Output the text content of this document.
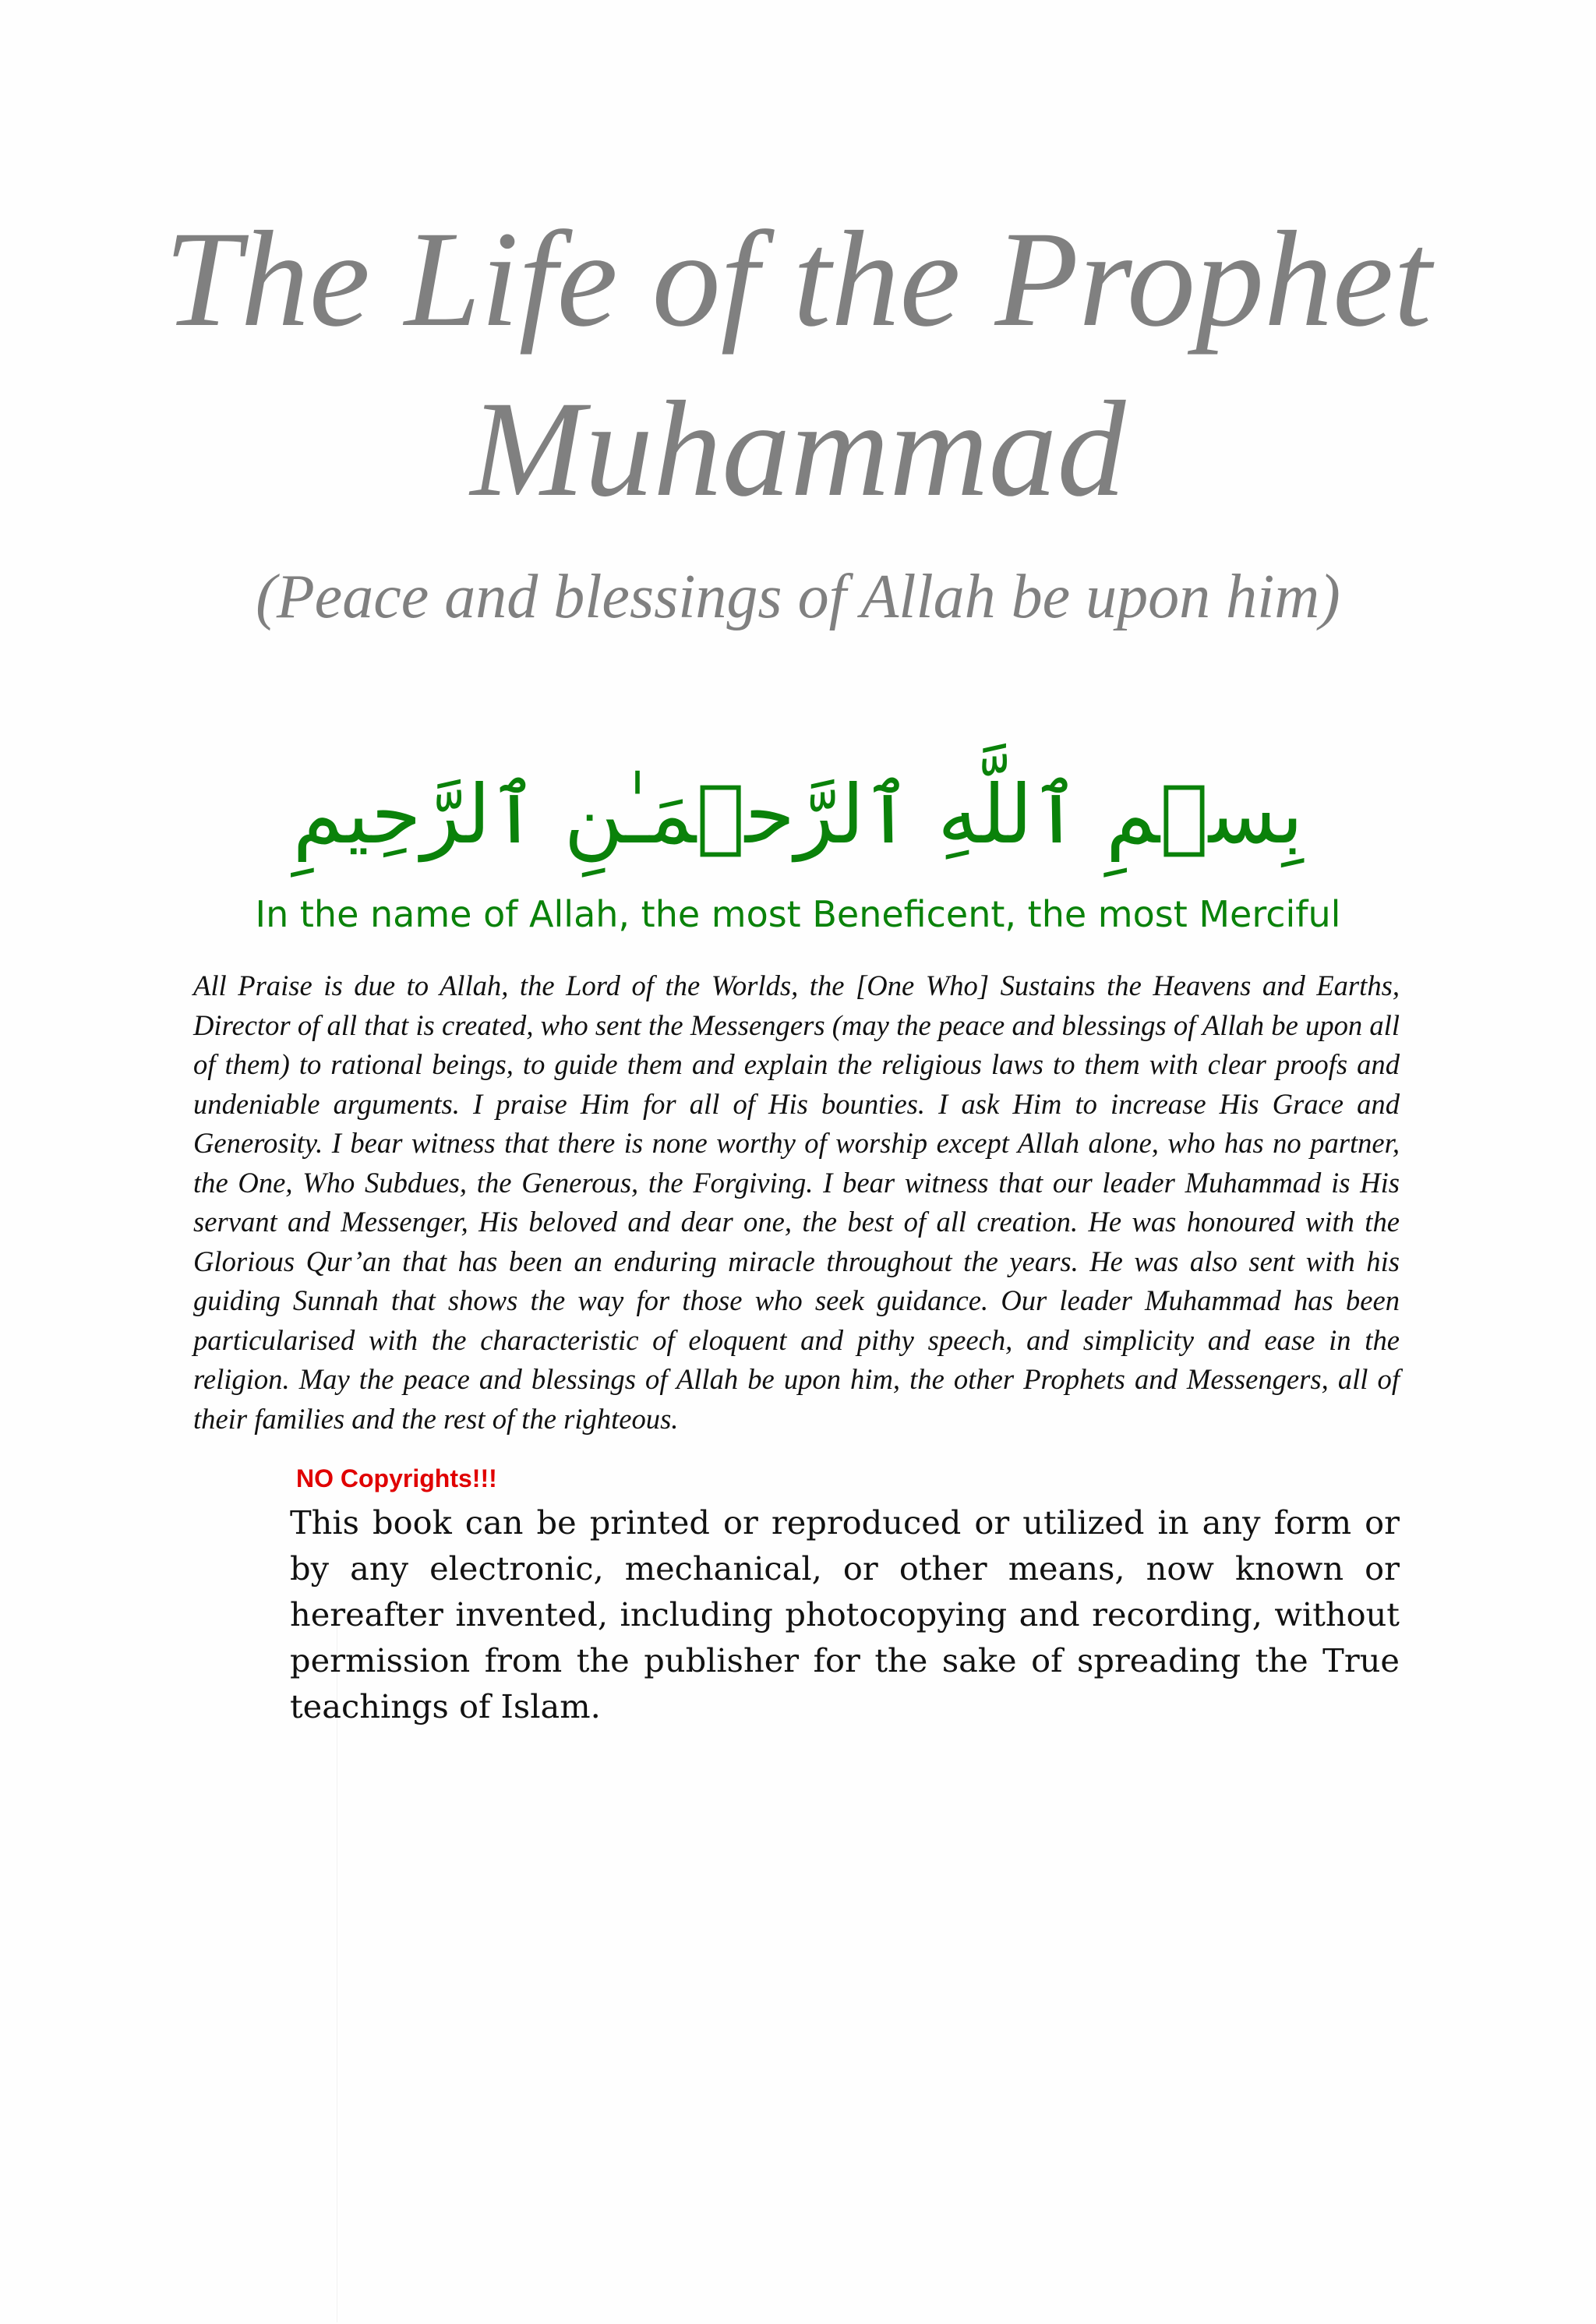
The Life of the Prophet
Muhammad
(Peace and blessings of Allah be upon him)
بِسۡمِ ٱللَّهِ ٱلرَّحۡمَـٰنِ ٱلرَّحِيمِ
In the name of Allah, the most Beneficent, the most Merciful

All Praise is due to Allah, the Lord of the Worlds, the [One Who] Sustains the Heavens and Earths, Director of all that is created, who sent the Messengers (may the peace and blessings of Allah be upon all of them) to rational beings, to guide them and explain the religious laws to them with clear proofs and undeniable arguments. I praise Him for all of His bounties. I ask Him to increase His Grace and Generosity. I bear witness that there is none worthy of worship except Allah alone, who has no partner, the One, Who Subdues, the Generous, the Forgiving. I bear witness that our leader Muhammad is His servant and Messenger, His beloved and dear one, the best of all creation. He was honoured with the Glorious Qur’an that has been an enduring miracle throughout the years. He was also sent with his guiding Sunnah that shows the way for those who seek guidance. Our leader Muhammad has been particularised with the characteristic of eloquent and pithy speech, and simplicity and ease in the religion. May the peace and blessings of Allah be upon him, the other Prophets and Messengers, all of their families and the rest of the righteous.

NO Copyrights!!!

This book can be printed or reproduced or utilized in any form or by any electronic, mechanical, or other means, now known or hereafter invented, including photocopying and recording, without permission from the publisher for the sake of spreading the True teachings of Islam.
